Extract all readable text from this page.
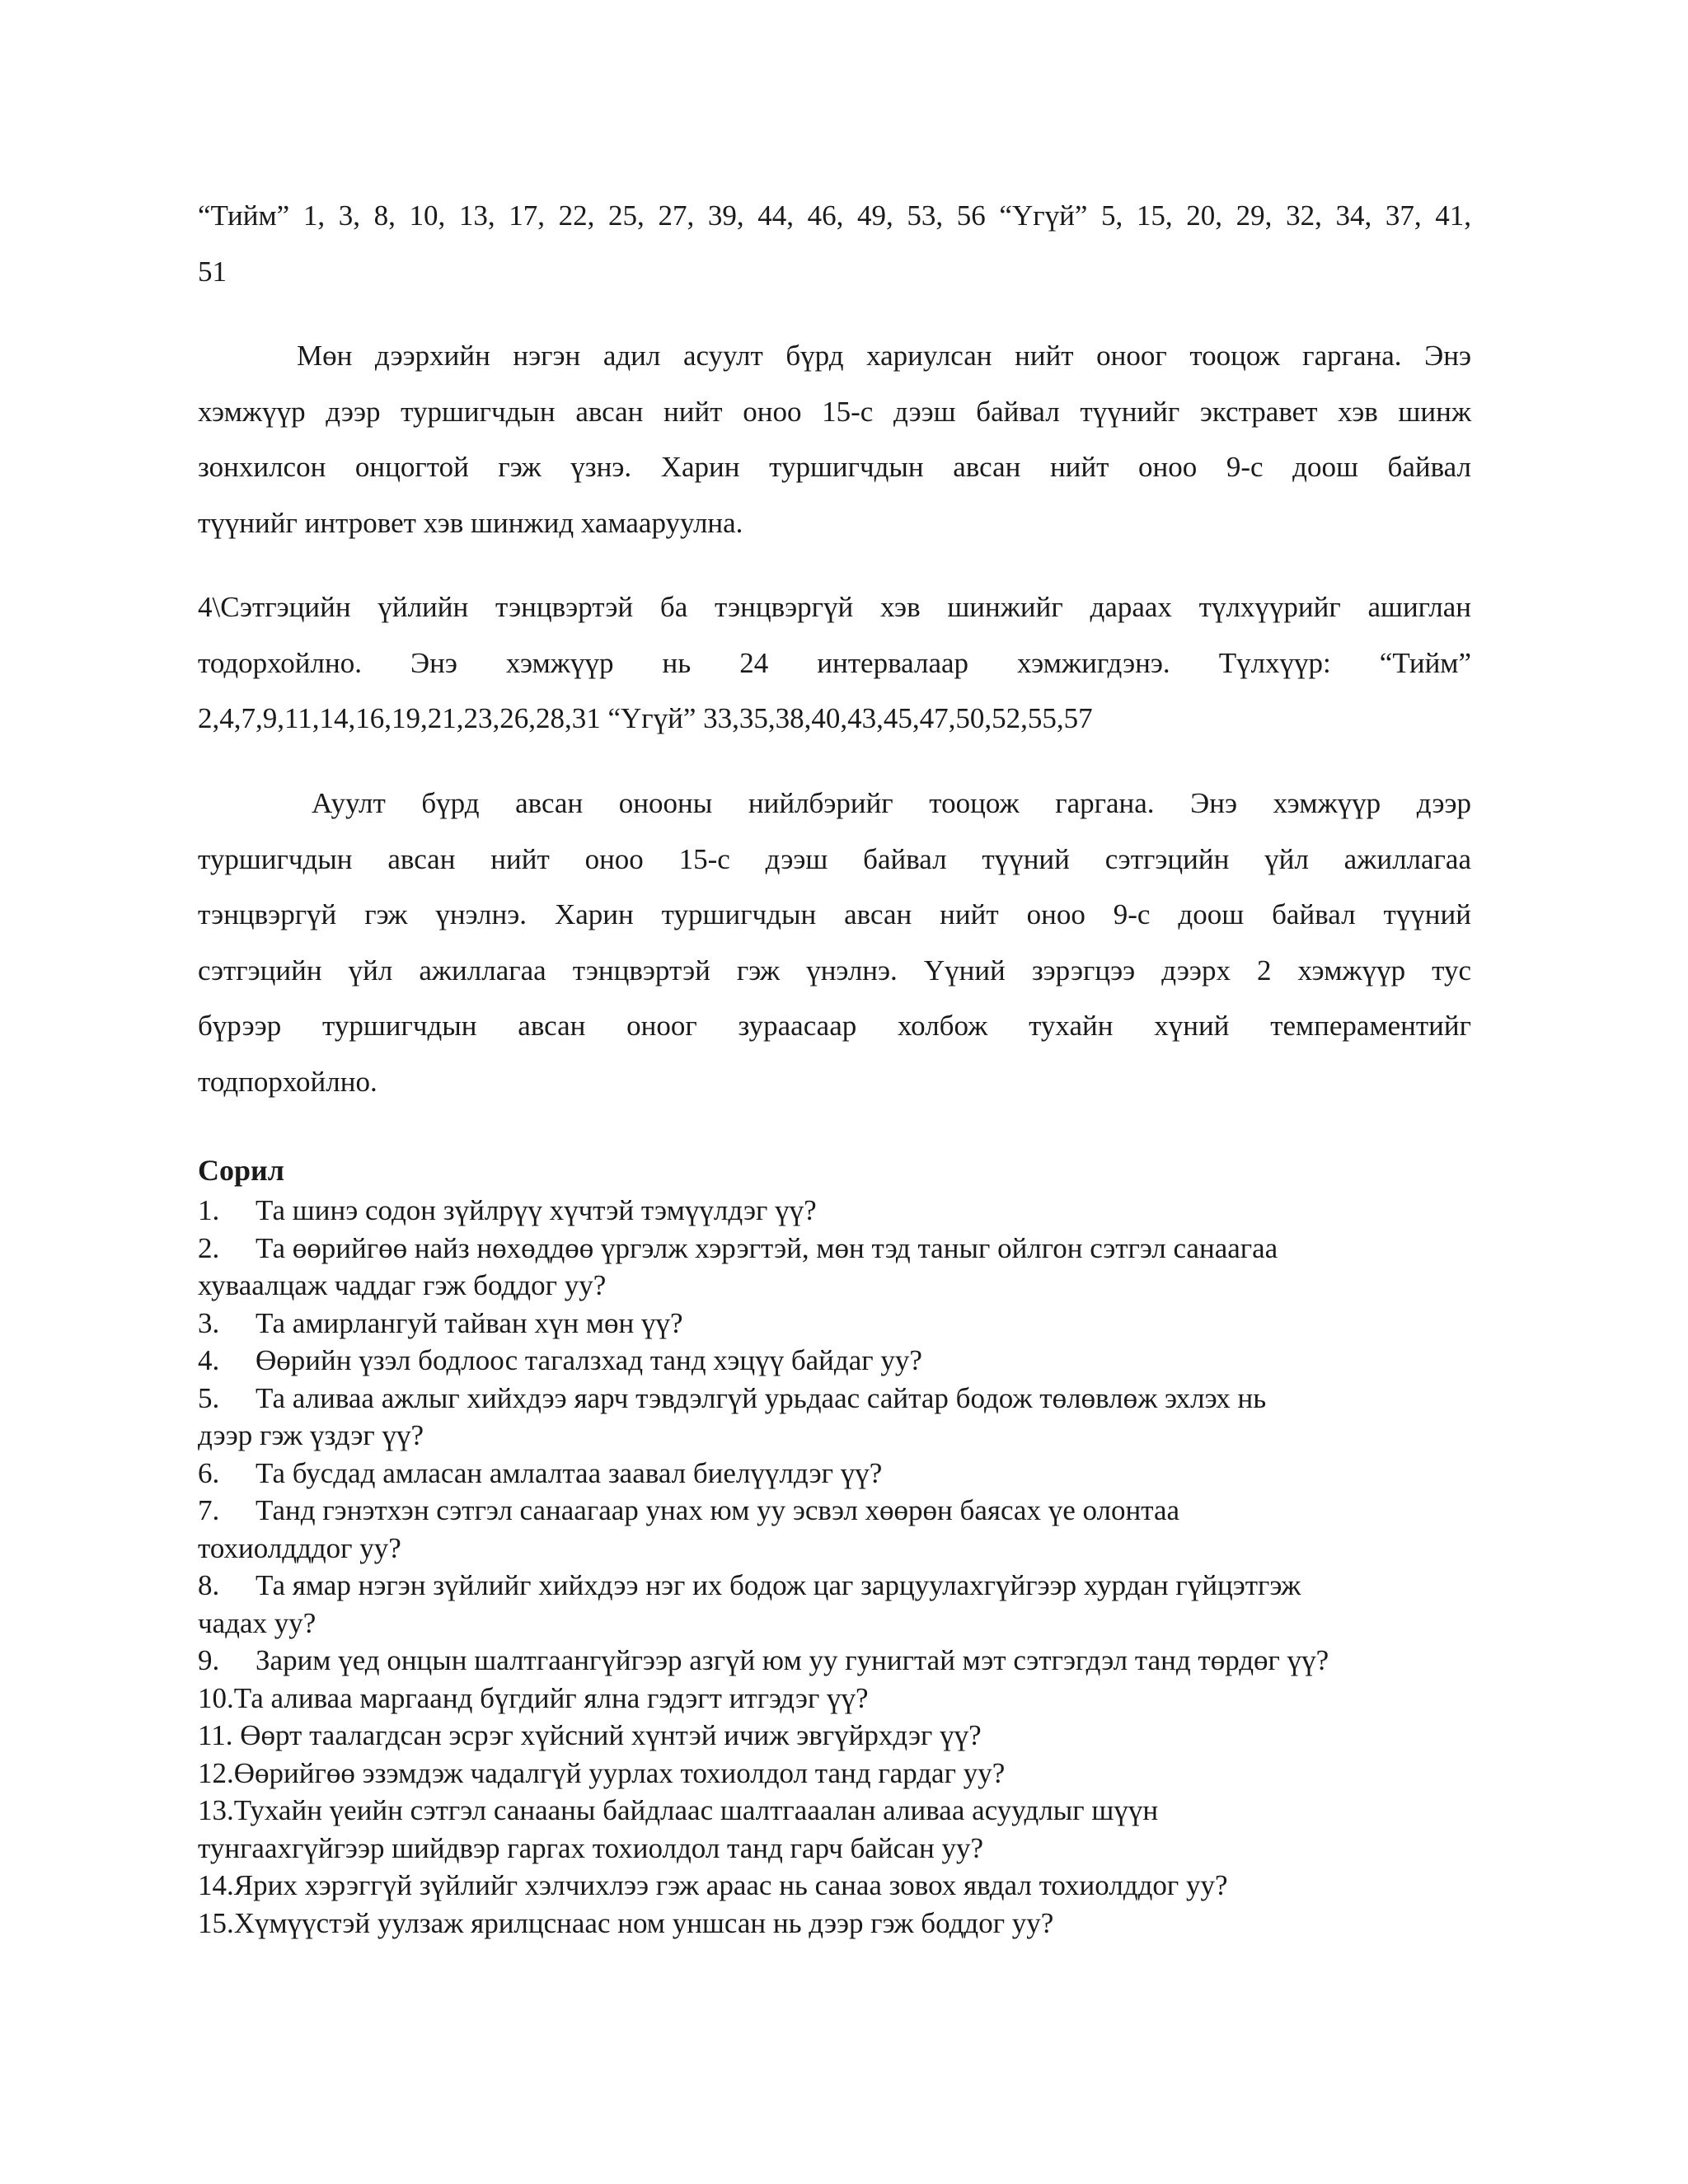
“Тийм” 1, 3, 8, 10, 13, 17, 22, 25, 27, 39, 44, 46, 49, 53, 56 “Үгүй” 5, 15, 20, 29, 32, 34, 37, 41,
51
Мөн дээрхийн нэгэн адил асуулт бүрд хариулсан нийт оноог тооцож гаргана. Энэ
хэмжүүр дээр туршигчдын авсан нийт оноо 15-с дээш байвал түүнийг экстравет хэв шинж
зонхилсон онцогтой гэж үзнэ. Харин туршигчдын авсан нийт оноо 9-с доош байвал
түүнийг интровет хэв шинжид хамааруулна.
4\Сэтгэцийн үйлийн тэнцвэртэй ба тэнцвэргүй хэв шинжийг дараах түлхүүрийг ашиглан
тодорхойлно. Энэ хэмжүүр нь 24 интервалаар хэмжигдэнэ. Түлхүүр: “Тийм”
2,4,7,9,11,14,16,19,21,23,26,28,31 “Үгүй” 33,35,38,40,43,45,47,50,52,55,57
Ауулт бүрд авсан онооны нийлбэрийг тооцож гаргана. Энэ хэмжүүр дээр
туршигчдын авсан нийт оноо 15-с дээш байвал түүний сэтгэцийн үйл ажиллагаа
тэнцвэргүй гэж үнэлнэ. Харин туршигчдын авсан нийт оноо 9-с доош байвал түүний
сэтгэцийн үйл ажиллагаа тэнцвэртэй гэж үнэлнэ. Үүний зэрэгцээ дээрх 2 хэмжүүр тус
бүрээр туршигчдын авсан оноог зураасаар холбож тухайн хүний темпераментийг
тодпорхойлно.
Сорил
1. Та шинэ содон зүйлрүү хүчтэй тэмүүлдэг үү?
2. Та өөрийгөө найз нөхөддөө үргэлж хэрэгтэй, мөн тэд таныг ойлгон сэтгэл санаагаа
хуваалцаж чаддаг гэж боддог уу?
3. Та амирлангуй тайван хүн мөн үү?
4. Өөрийн үзэл бодлоос тагалзхад танд хэцүү байдаг уу?
5. Та аливаа ажлыг хийхдээ яарч тэвдэлгүй урьдаас сайтар бодож төлөвлөж эхлэх нь
дээр гэж үздэг үү?
6. Та бусдад амласан амлалтаа заавал биелүүлдэг үү?
7. Танд гэнэтхэн сэтгэл санаагаар унах юм уу эсвэл хөөрөн баясах үе олонтаа
тохиолдддог уу?
8. Та ямар нэгэн зүйлийг хийхдээ нэг их бодож цаг зарцуулахгүйгээр хурдан гүйцэтгэж
чадах уу?
9. Зарим үед онцын шалтгаангүйгээр азгүй юм уу гунигтай мэт сэтгэгдэл танд төрдөг үү?
10.Та аливаа маргаанд бүгдийг ялна гэдэгт итгэдэг үү?
11. Өөрт таалагдсан эсрэг хүйсний хүнтэй ичиж эвгүйрхдэг үү?
12.Өөрийгөө эзэмдэж чадалгүй уурлах тохиолдол танд гардаг уу?
13.Тухайн үеийн сэтгэл санааны байдлаас шалтгааалан аливаа асуудлыг шүүн
тунгаахгүйгээр шийдвэр гаргах тохиолдол танд гарч байсан уу?
14.Ярих хэрэггүй зүйлийг хэлчихлээ гэж араас нь санаа зовох явдал тохиолддог уу?
15.Хүмүүстэй уулзаж ярилцснаас ном уншсан нь дээр гэж боддог уу?
